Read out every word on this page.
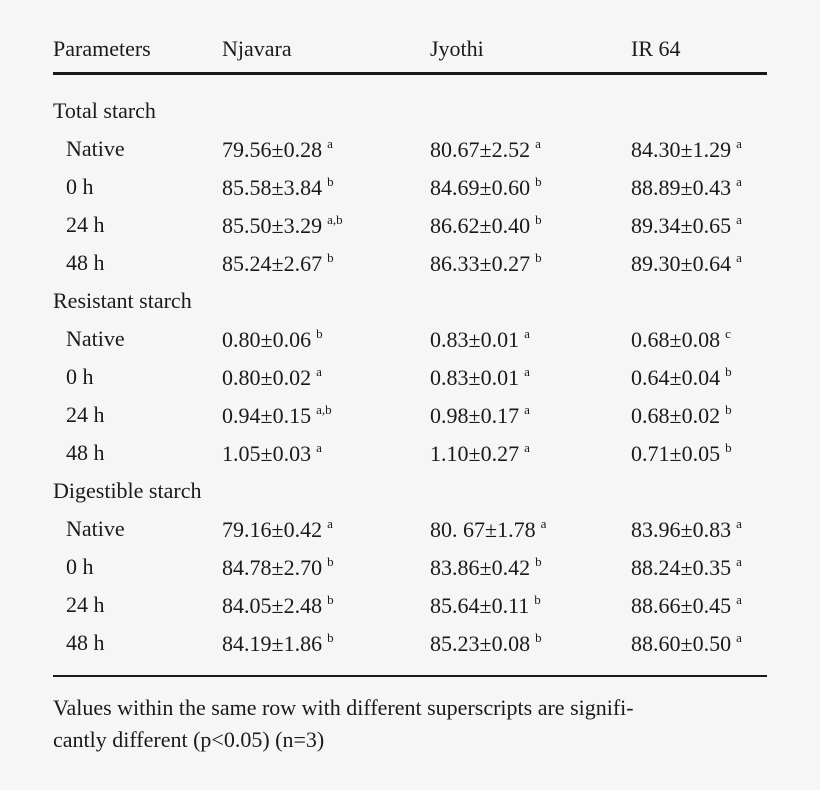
Parameters	Njavara	Jyothi	IR 64
Total starch
Native	79.56±0.28 $^a$	80.67±2.52 $^a$	84.30±1.29 $^a$
0 h	85.58±3.84 $^b$	84.69±0.60 $^b$	88.89±0.43 $^a$
24 h	85.50±3.29 $^{a,b}$	86.62±0.40 $^b$	89.34±0.65 $^a$
48 h	85.24±2.67 $^b$	86.33±0.27 $^b$	89.30±0.64 $^a$
Resistant starch
Native	0.80±0.06 $^b$	0.83±0.01 $^a$	0.68±0.08 $^c$
0 h	0.80±0.02 $^a$	0.83±0.01 $^a$	0.64±0.04 $^b$
24 h	0.94±0.15 $^{a,b}$	0.98±0.17 $^a$	0.68±0.02 $^b$
48 h	1.05±0.03 $^a$	1.10±0.27 $^a$	0.71±0.05 $^b$
Digestible starch
Native	79.16±0.42 $^a$	80. 67±1.78 $^a$	83.96±0.83 $^a$
0 h	84.78±2.70 $^b$	83.86±0.42 $^b$	88.24±0.35 $^a$
24 h	84.05±2.48 $^b$	85.64±0.11 $^b$	88.66±0.45 $^a$
48 h	84.19±1.86 $^b$	85.23±0.08 $^b$	88.60±0.50 $^a$
Values within the same row with different superscripts are signifi-
cantly different (p<0.05) (n=3)
